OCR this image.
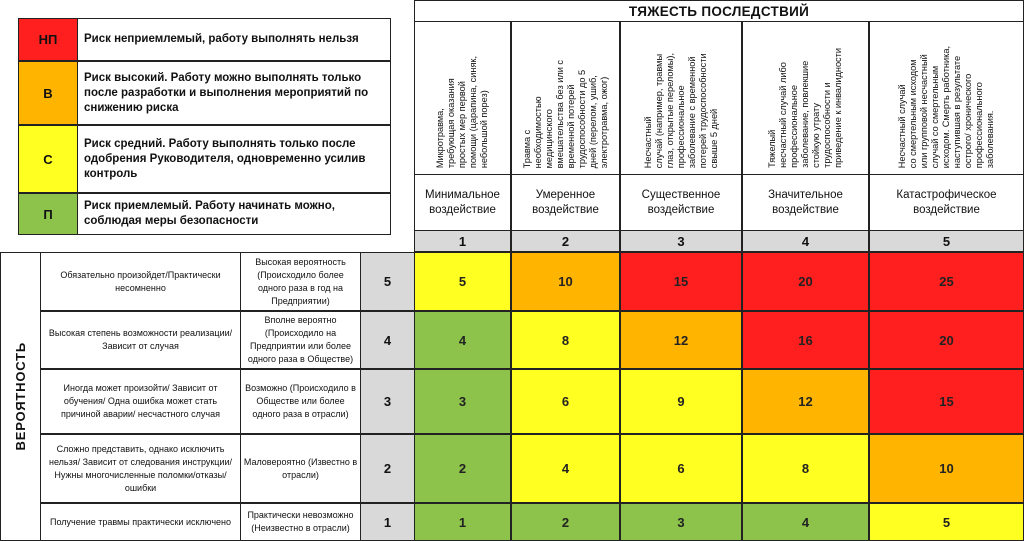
НП	Риск неприемлемый, работу выполнять нельзя
В
Риск высокий. Работу можно выполнять только после разработки и выполнения мероприятий по снижению риска
С
Риск средний. Работу выполнять только после одобрения Руководителя, одновременно усилив контроль
П
Риск приемлемый. Работу начинать можно, соблюдая меры безопасности
ТЯЖЕСТЬ ПОСЛЕДСТВИЙ
Микротравма,
требующая оказания
простых мер первой
помощи (царапина, синяк,
небольшой порез)
Минимальное воздействие
1
Травма с
необходимостью
медицинского
вмешательства без или с
временной потерей
трудоспособности до 5
дней (перелом, ушиб,
электротравма, ожог)
Умеренное воздействие
2
Несчастный
случай (например, травмы
глаз, открытые переломы),
профессиональное
заболевание с временной
потерей трудоспособности
свыше 5 дней
Существенное воздействие
3
Тяжелый
несчастный случай либо
профессиональное
заболевание, повлекшие
стойкую утрату
трудоспособности и
приведение к инвалидности
Значительное воздействие
4
Несчастный случай
со смертельным исходом
или групповой несчастный
случай со смертельным
исходом. Смерть работника,
наступившая в результате
острого/ хронического
профессионального
заболевания.
Катастрофическое воздействие
5
ВЕРОЯТНОСТЬ
Обязательно произойдет/Практически несомненно
Высокая вероятность (Происходило более одного раза в год на Предприятии)
5	5	10	15	20	25
Высокая степень возможности реализации/Зависит от случая
Вполне вероятно (Происходило на Предприятии или более одного раза в Обществе)
4	4	8	12	16	20
Иногда может произойти/ Зависит от обучения/ Одна ошибка может стать причиной аварии/ несчастного случая
Возможно (Происходило в Обществе или более одного раза в отрасли)
3	3	6	9	12	15
Сложно представить, однако исключить нельзя/ Зависит от следования инструкции/ Нужны многочисленные поломки/отказы/ошибки
Маловероятно (Известно в отрасли)	2	2	4	6	8	10
Получение травмы практически исключено
Практически невозможно (Неизвестно в отрасли)	1	1	2	3	4	5
